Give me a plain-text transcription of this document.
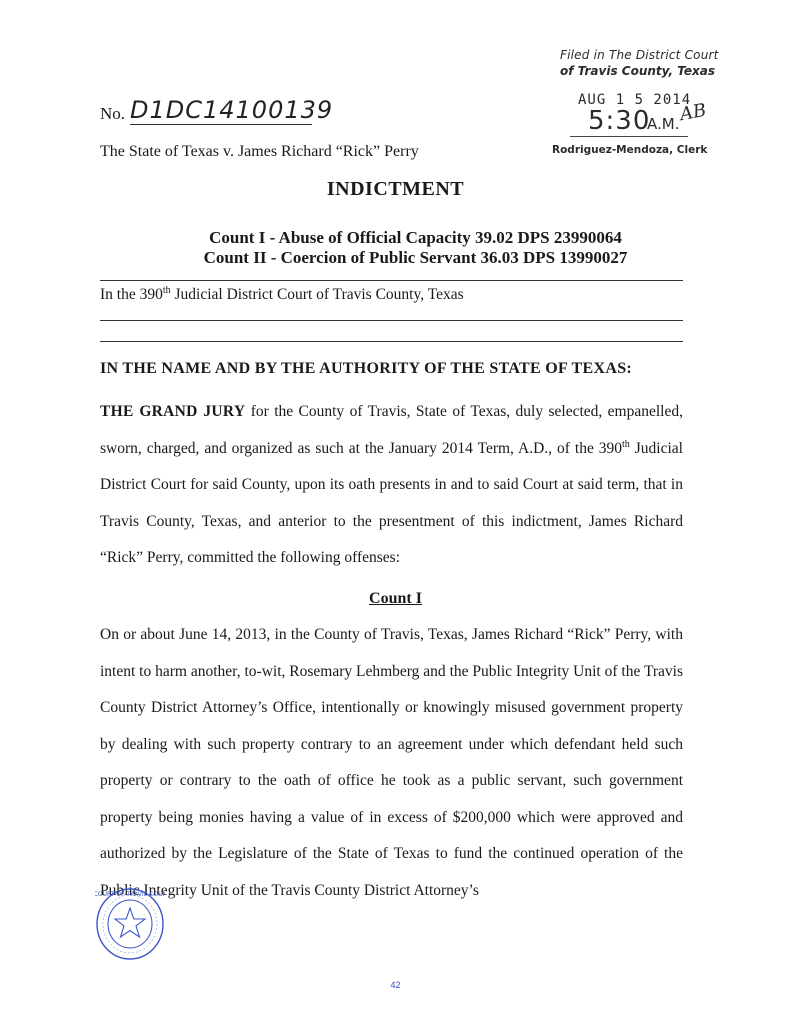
Filed in The District Court
of Travis County, Texas
AUG 1 5 2014
5:30
A.M.
AB
Rodriguez-Mendoza, Clerk
No. D1DC14100139
The State of Texas v. James Richard “Rick” Perry
INDICTMENT
Count I - Abuse of Official Capacity 39.02 DPS 23990064
Count II - Coercion of Public Servant 36.03 DPS 13990027
In the 390th Judicial District Court of Travis County, Texas
IN THE NAME AND BY THE AUTHORITY OF THE STATE OF TEXAS:
THE GRAND JURY for the County of Travis, State of Texas, duly selected, empanelled, sworn, charged, and organized as such at the January 2014 Term, A.D., of the 390th Judicial District Court for said County, upon its oath presents in and to said Court at said term, that in Travis County, Texas, and anterior to the presentment of this indictment, James Richard “Rick” Perry, committed the following offenses:
Count I
On or about June 14, 2013, in the County of Travis, Texas, James Richard “Rick” Perry, with intent to harm another, to-wit, Rosemary Lehmberg and the Public Integrity Unit of the Travis County District Attorney’s Office, intentionally or knowingly misused government property by dealing with such property contrary to an agreement under which defendant held such property or contrary to the oath of office he took as a public servant, such government property being monies having a value of in excess of $200,000 which were approved and authorized by the Legislature of the State of Texas to fund the continued operation of the Public Integrity Unit of the Travis County District Attorney’s
COURT OF TRAVIS COUN
42
